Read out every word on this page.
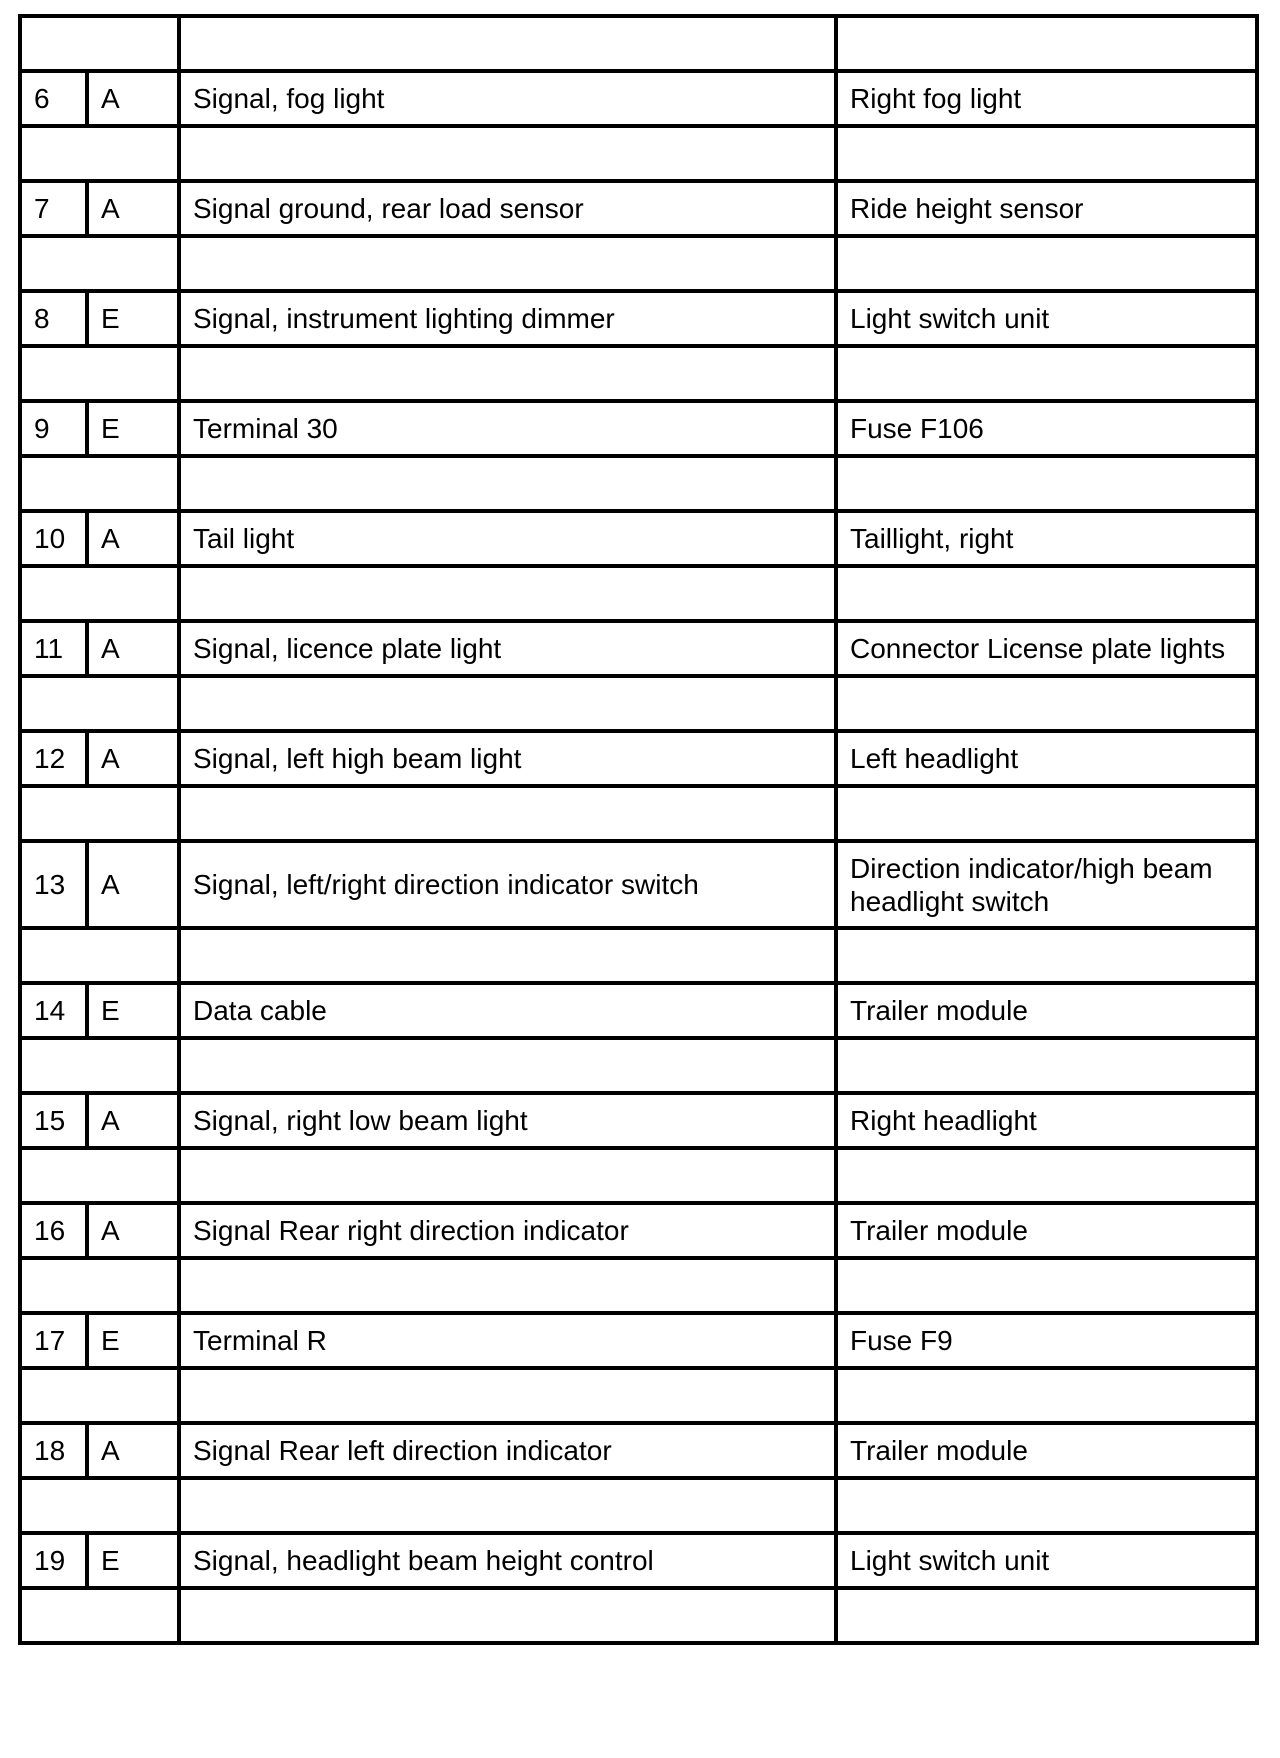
6	A	Signal, fog light	Right fog light

7	A	Signal ground, rear load sensor	Ride height sensor

8	E	Signal, instrument lighting dimmer	Light switch unit

9	E	Terminal 30	Fuse F106

10	A	Tail light	Taillight, right

11	A	Signal, licence plate light	Connector License plate lights

12	A	Signal, left high beam light	Left headlight

13	A	Signal, left/right direction indicator switch	Direction indicator/high beam headlight switch

14	E	Data cable	Trailer module

15	A	Signal, right low beam light	Right headlight

16	A	Signal Rear right direction indicator	Trailer module

17	E	Terminal R	Fuse F9

18	A	Signal Rear left direction indicator	Trailer module

19	E	Signal, headlight beam height control	Light switch unit
